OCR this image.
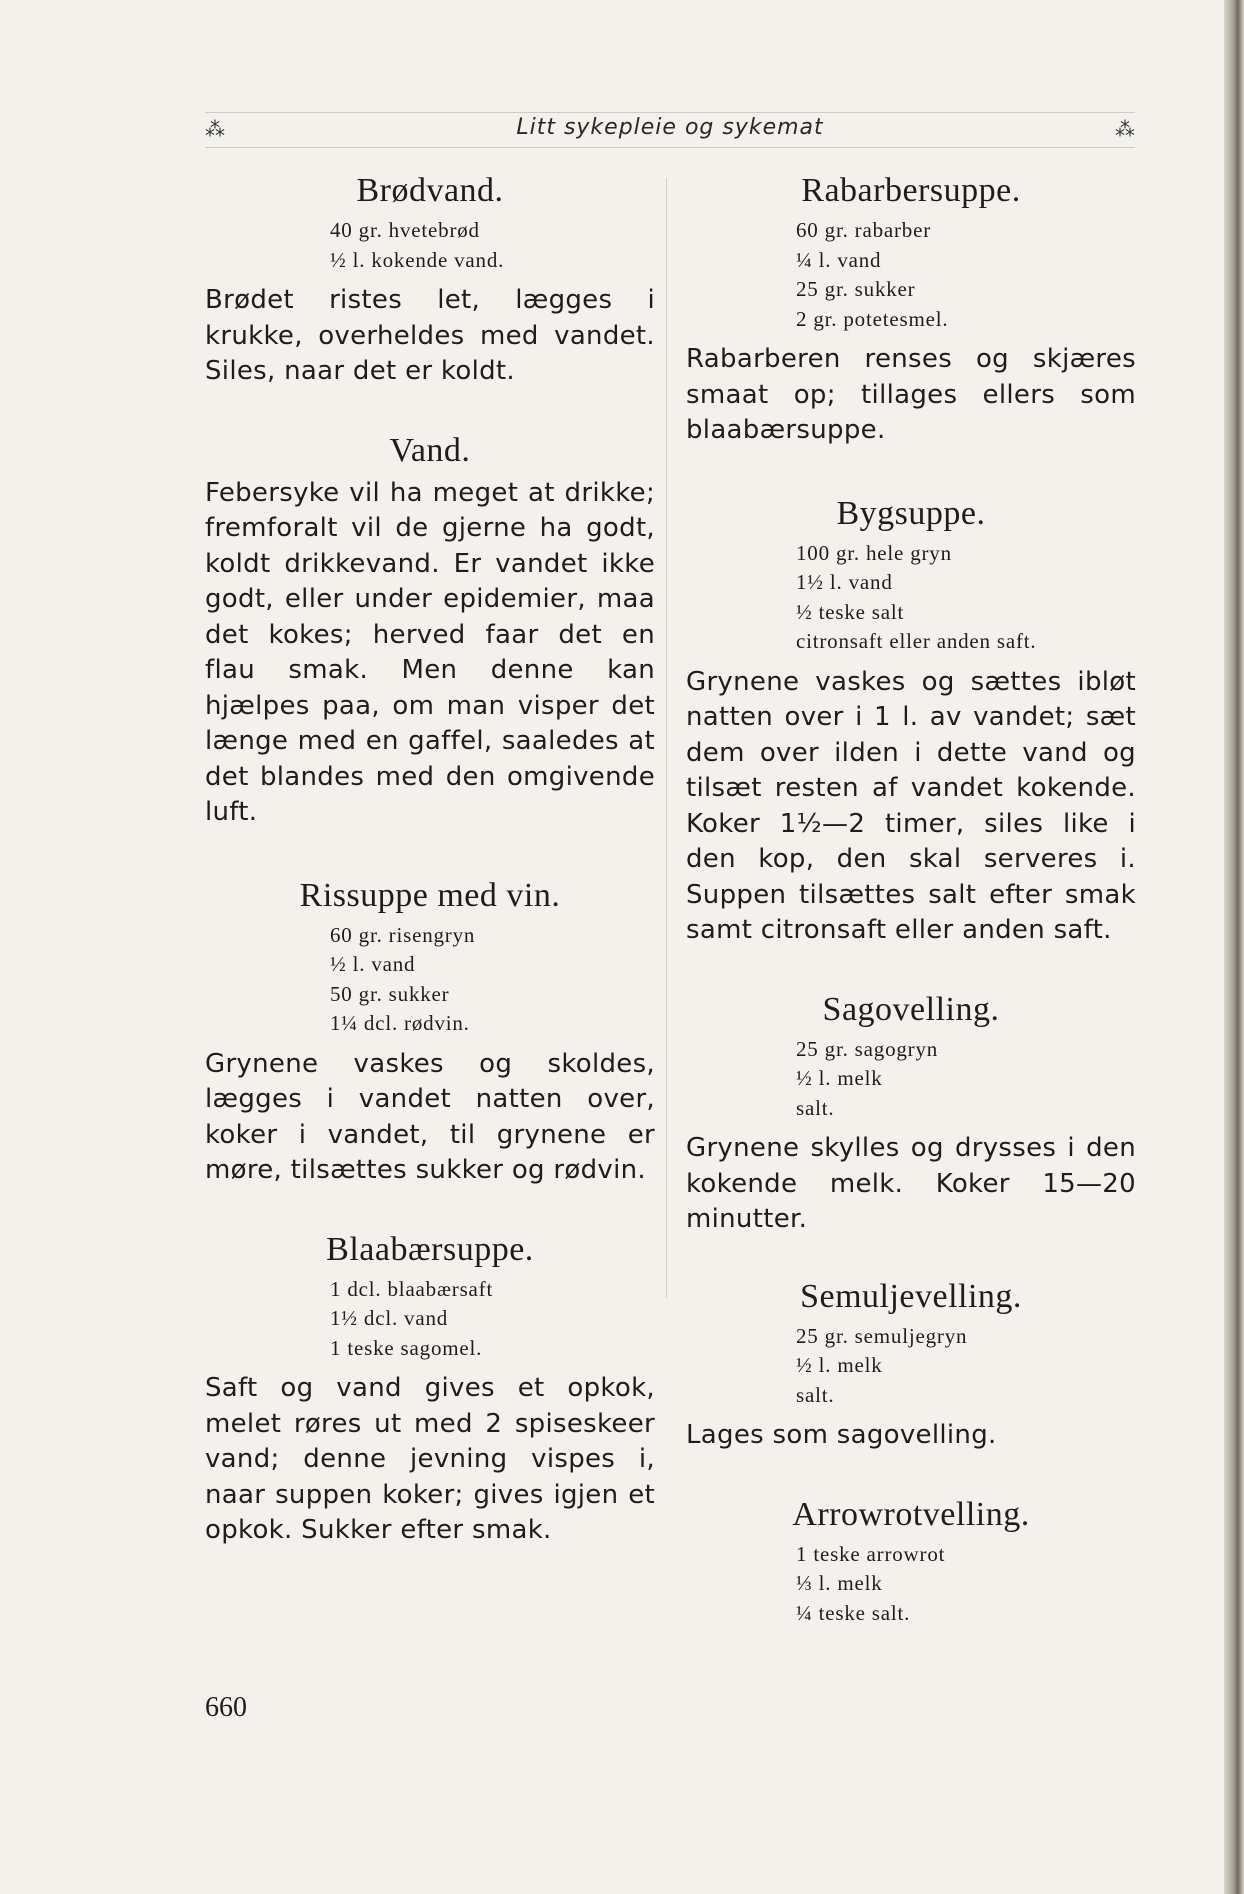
⁂	Litt sykepleie og sykemat	⁂
Brødvand.
40 gr. hvetebrød
½ l. kokende vand.

Brødet ristes let, lægges i krukke, overheldes med vandet. Siles, naar det er koldt.

Vand.

Febersyke vil ha meget at drikke; fremforalt vil de gjerne ha godt, koldt drikkevand. Er vandet ikke godt, eller under epidemier, maa det kokes; herved faar det en flau smak. Men denne kan hjælpes paa, om man visper det længe med en gaffel, saaledes at det blandes med den omgivende luft.

Rissuppe med vin.
60 gr. risengryn
½ l. vand
50 gr. sukker
1¼ dcl. rødvin.

Grynene vaskes og skoldes, lægges i vandet natten over, koker i vandet, til grynene er møre, tilsættes sukker og rødvin.

Blaabærsuppe.
1 dcl. blaabærsaft
1½ dcl. vand
1 teske sagomel.

Saft og vand gives et opkok, melet røres ut med 2 spiseskeer vand; denne jevning vispes i, naar suppen koker; gives igjen et opkok. Sukker efter smak.

Rabarbersuppe.
60 gr. rabarber
¼ l. vand
25 gr. sukker
2 gr. potetesmel.

Rabarberen renses og skjæres smaat op; tillages ellers som blaabærsuppe.

Bygsuppe.
100 gr. hele gryn
1½ l. vand
½ teske salt
citronsaft eller anden saft.

Grynene vaskes og sættes ibløt natten over i 1 l. av vandet; sæt dem over ilden i dette vand og tilsæt resten af vandet kokende. Koker 1½—2 timer, siles like i den kop, den skal serveres i. Suppen tilsættes salt efter smak samt citronsaft eller anden saft.

Sagovelling.
25 gr. sagogryn
½ l. melk
salt.

Grynene skylles og drysses i den kokende melk. Koker 15—20 minutter.

Semuljevelling.
25 gr. semuljegryn
½ l. melk
salt.

Lages som sagovelling.

Arrowrotvelling.
1 teske arrowrot
⅓ l. melk
¼ teske salt.
660
